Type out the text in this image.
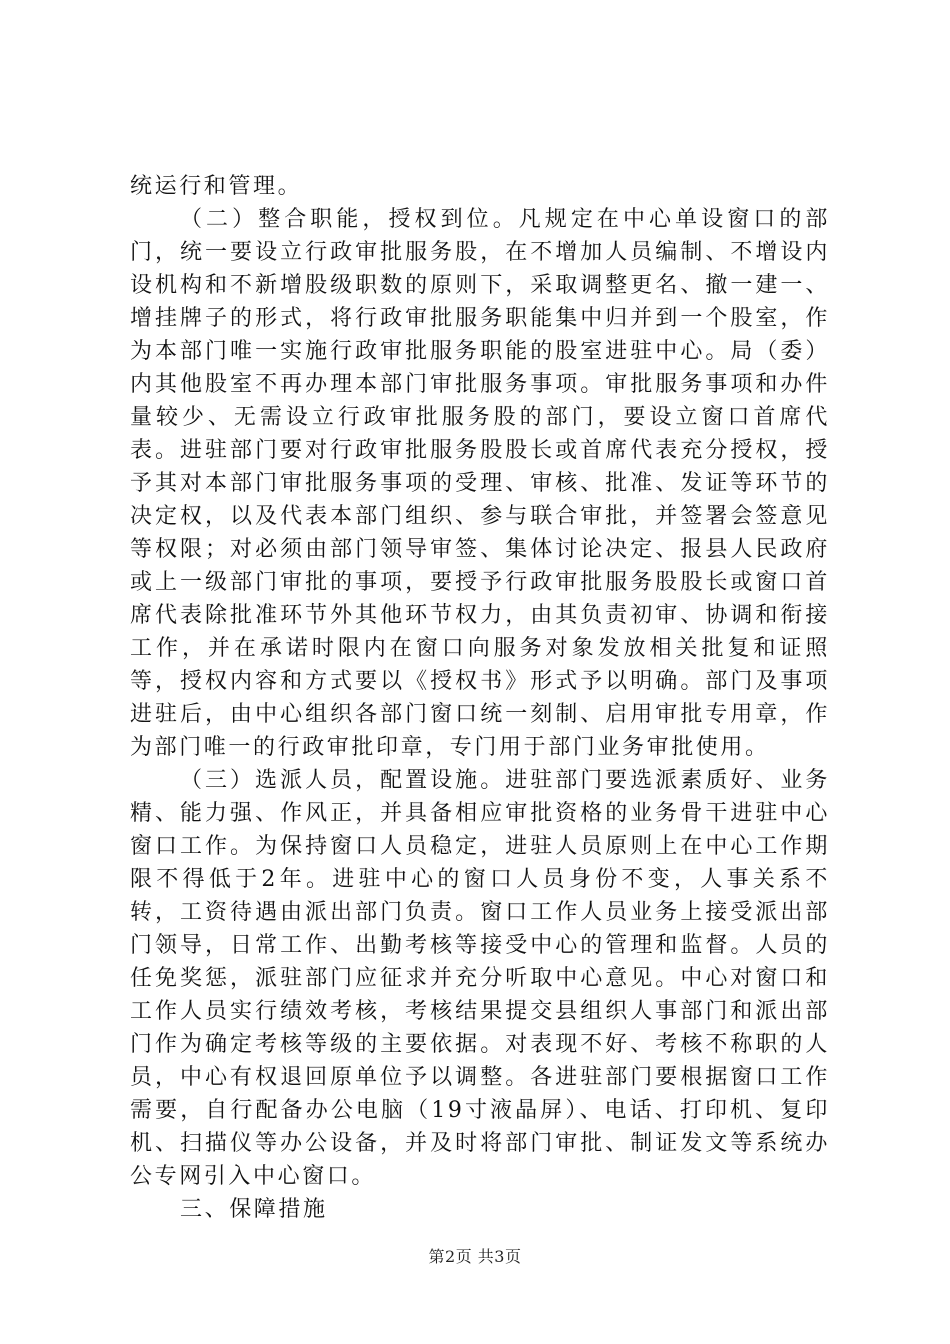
统运行和管理。

（二）整合职能，授权到位。凡规定在中心单设窗口的部门，统一要设立行政审批服务股，在不增加人员编制、不增设内设机构和不新增股级职数的原则下，采取调整更名、撤一建一、增挂牌子的形式，将行政审批服务职能集中归并到一个股室，作为本部门唯一实施行政审批服务职能的股室进驻中心。局（委）内其他股室不再办理本部门审批服务事项。审批服务事项和办件量较少、无需设立行政审批服务股的部门，要设立窗口首席代表。进驻部门要对行政审批服务股股长或首席代表充分授权，授予其对本部门审批服务事项的受理、审核、批准、发证等环节的决定权，以及代表本部门组织、参与联合审批，并签署会签意见等权限；对必须由部门领导审签、集体讨论决定、报县人民政府或上一级部门审批的事项，要授予行政审批服务股股长或窗口首席代表除批准环节外其他环节权力，由其负责初审、协调和衔接工作，并在承诺时限内在窗口向服务对象发放相关批复和证照等，授权内容和方式要以《授权书》形式予以明确。部门及事项进驻后，由中心组织各部门窗口统一刻制、启用审批专用章，作为部门唯一的行政审批印章，专门用于部门业务审批使用。

（三）选派人员，配置设施。进驻部门要选派素质好、业务精、能力强、作风正，并具备相应审批资格的业务骨干进驻中心窗口工作。为保持窗口人员稳定，进驻人员原则上在中心工作期限不得低于2年。进驻中心的窗口人员身份不变，人事关系不转，工资待遇由派出部门负责。窗口工作人员业务上接受派出部门领导，日常工作、出勤考核等接受中心的管理和监督。人员的任免奖惩，派驻部门应征求并充分听取中心意见。中心对窗口和工作人员实行绩效考核，考核结果提交县组织人事部门和派出部门作为确定考核等级的主要依据。对表现不好、考核不称职的人员，中心有权退回原单位予以调整。各进驻部门要根据窗口工作需要，自行配备办公电脑（19寸液晶屏）、电话、打印机、复印机、扫描仪等办公设备，并及时将部门审批、制证发文等系统办公专网引入中心窗口。

三、保障措施

第2页 共3页
